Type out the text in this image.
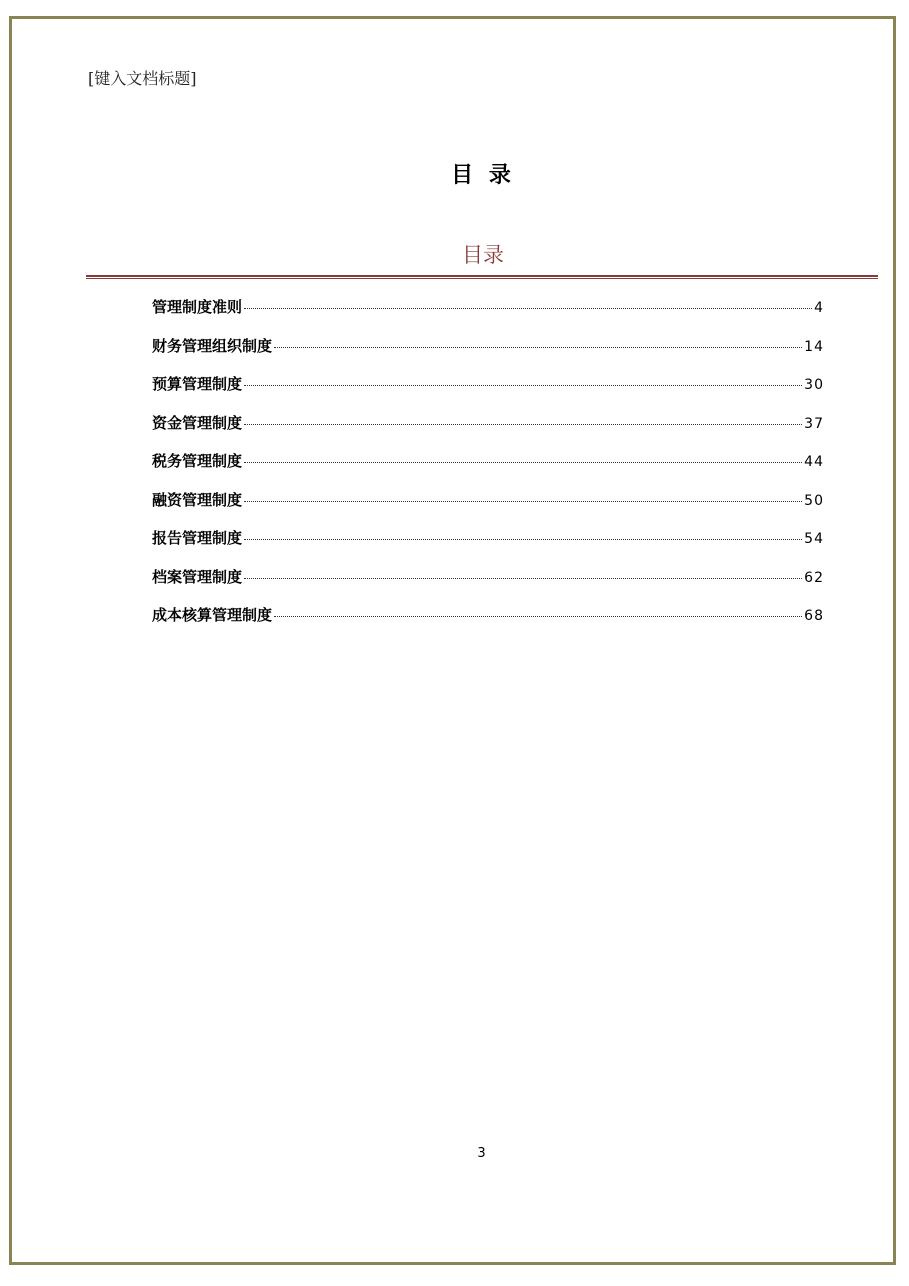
[键入文档标题]
目 录
目录
管理制度准则	4
财务管理组织制度	14
预算管理制度	30
资金管理制度	37
税务管理制度	44
融资管理制度	50
报告管理制度	54
档案管理制度	62
成本核算管理制度	68
3
